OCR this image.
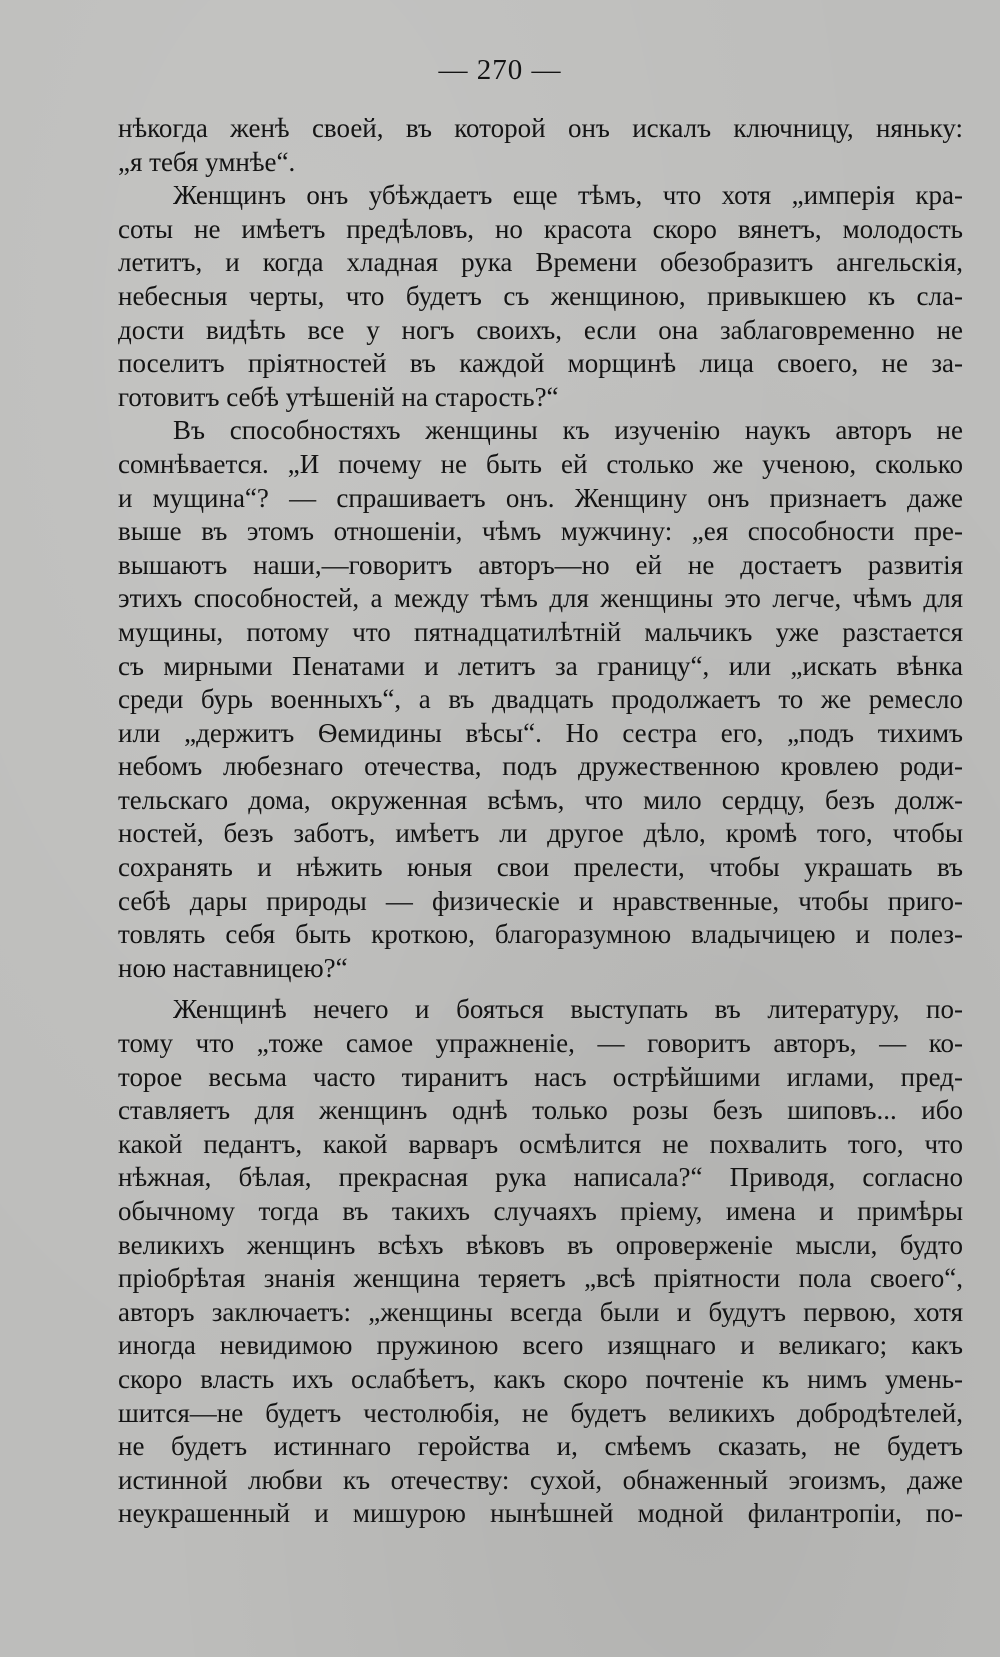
— 270 —
нѣкогда женѣ своей, въ которой онъ искалъ ключницу, няньку:
„я тебя умнѣе“.
Женщинъ онъ убѣждаетъ еще тѣмъ, что хотя „имперія кра-
соты не имѣетъ предѣловъ, но красота скоро вянетъ, молодость
летитъ, и когда хладная рука Времени обезобразитъ ангельскія,
небесныя черты, что будетъ съ женщиною, привыкшею къ сла-
дости видѣть все у ногъ своихъ, если она заблаговременно не
поселитъ пріятностей въ каждой морщинѣ лица своего, не за-
готовитъ себѣ утѣшеній на старость?“
Въ способностяхъ женщины къ изученію наукъ авторъ не
сомнѣвается. „И почему не быть ей столько же ученою, сколько
и мущина“? — спрашиваетъ онъ. Женщину онъ признаетъ даже
выше въ этомъ отношеніи, чѣмъ мужчину: „ея способности пре-
вышаютъ наши,—говоритъ авторъ—но ей не достаетъ развитія
этихъ способностей, а между тѣмъ для женщины это легче, чѣмъ для
мущины, потому что пятнадцатилѣтній мальчикъ уже разстается
съ мирными Пенатами и летитъ за границу“, или „искать вѣнка
среди бурь военныхъ“, а въ двадцать продолжаетъ то же ремесло
или „держитъ Ѳемидины вѣсы“. Но сестра его, „подъ тихимъ
небомъ любезнаго отечества, подъ дружественною кровлею роди-
тельскаго дома, окруженная всѣмъ, что мило сердцу, безъ долж-
ностей, безъ заботъ, имѣетъ ли другое дѣло, кромѣ того, чтобы
сохранять и нѣжить юныя свои прелести, чтобы украшать въ
себѣ дары природы — физическіе и нравственные, чтобы приго-
товлять себя быть кроткою, благоразумною владычицею и полез-
ною наставницею?“
Женщинѣ нечего и бояться выступать въ литературу, по-
тому что „тоже самое упражненіе, — говоритъ авторъ, — ко-
торое весьма часто тиранитъ насъ острѣйшими иглами, пред-
ставляетъ для женщинъ однѣ только розы безъ шиповъ... ибо
какой педантъ, какой варваръ осмѣлится не похвалить того, что
нѣжная, бѣлая, прекрасная рука написала?“ Приводя, согласно
обычному тогда въ такихъ случаяхъ пріему, имена и примѣры
великихъ женщинъ всѣхъ вѣковъ въ опроверженіе мысли, будто
пріобрѣтая знанія женщина теряетъ „всѣ пріятности пола своего“,
авторъ заключаетъ: „женщины всегда были и будутъ первою, хотя
иногда невидимою пружиною всего изящнаго и великаго; какъ
скоро власть ихъ ослабѣетъ, какъ скоро почтеніе къ нимъ умень-
шится—не будетъ честолюбія, не будетъ великихъ добродѣтелей,
не будетъ истиннаго геройства и, смѣемъ сказать, не будетъ
истинной любви къ отечеству: сухой, обнаженный эгоизмъ, даже
неукрашенный и мишурою нынѣшней модной филантропіи, по-
